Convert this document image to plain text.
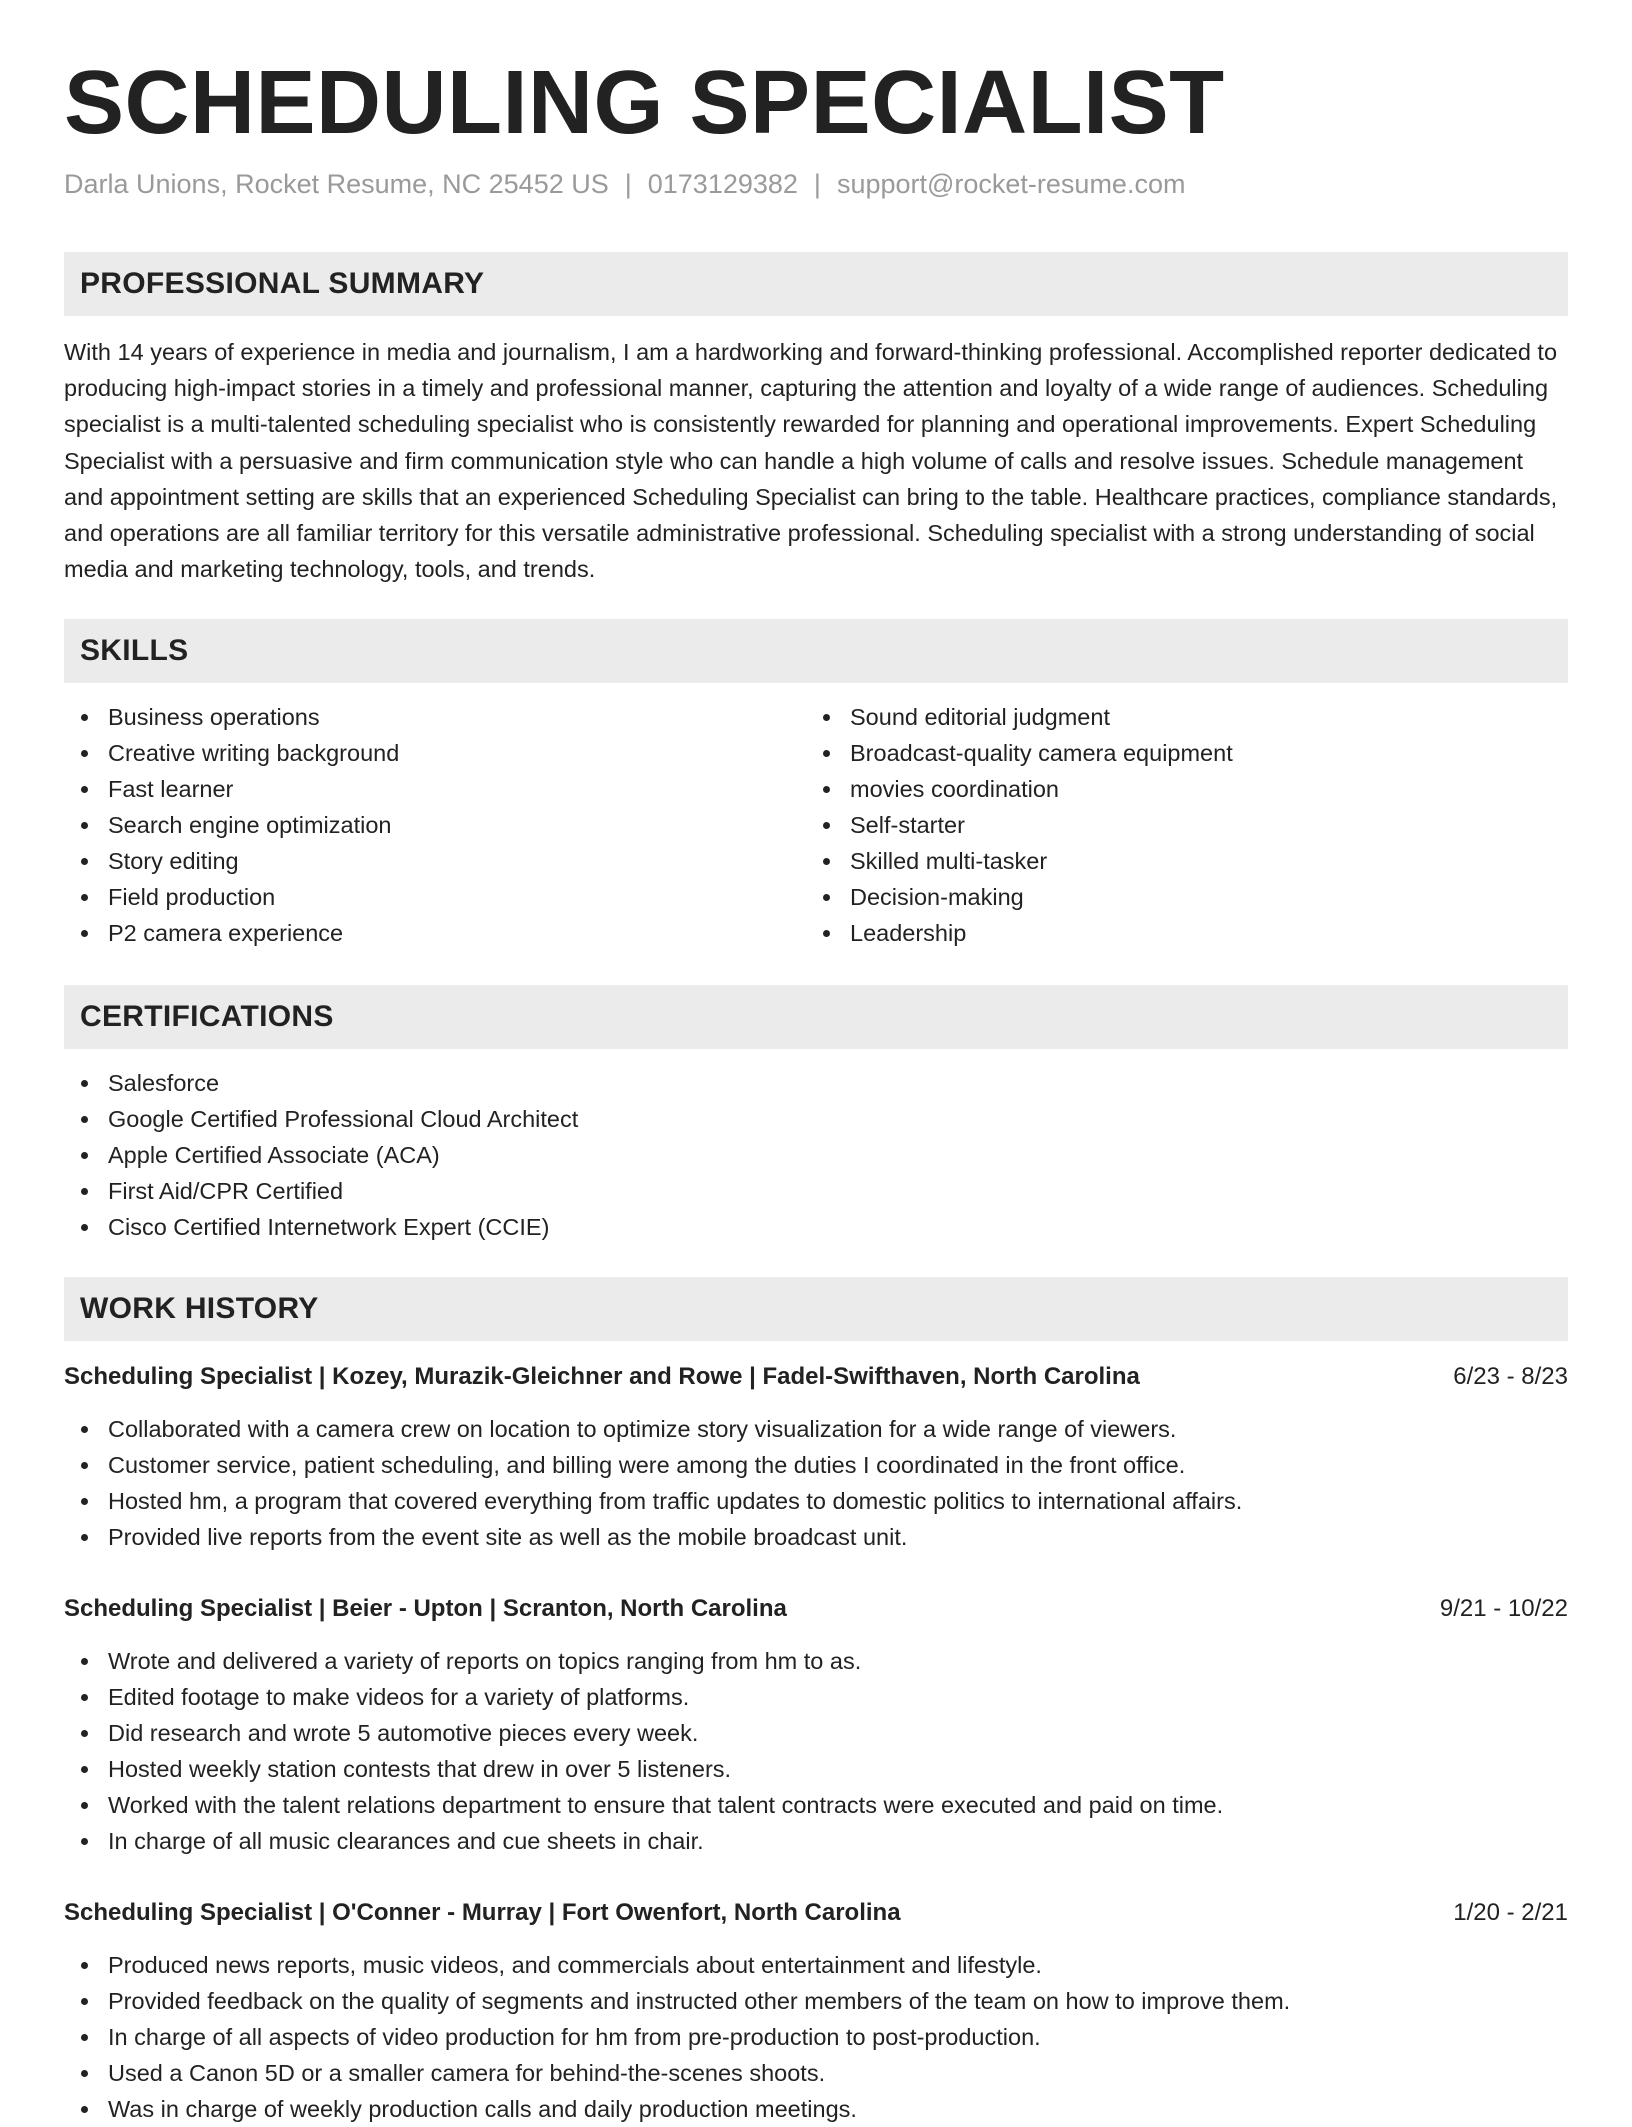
SCHEDULING SPECIALIST
Darla Unions, Rocket Resume, NC 25452 US | 0173129382 | support@rocket-resume.com
PROFESSIONAL SUMMARY

With 14 years of experience in media and journalism, I am a hardworking and forward-thinking professional. Accomplished reporter dedicated to producing high-impact stories in a timely and professional manner, capturing the attention and loyalty of a wide range of audiences. Scheduling specialist is a multi-talented scheduling specialist who is consistently rewarded for planning and operational improvements. Expert Scheduling Specialist with a persuasive and firm communication style who can handle a high volume of calls and resolve issues. Schedule management and appointment setting are skills that an experienced Scheduling Specialist can bring to the table. Healthcare practices, compliance standards, and operations are all familiar territory for this versatile administrative professional. Scheduling specialist with a strong understanding of social media and marketing technology, tools, and trends.

SKILLS
Business operations
Creative writing background
Fast learner
Search engine optimization
Story editing
Field production
P2 camera experience
Sound editorial judgment
Broadcast-quality camera equipment
movies coordination
Self-starter
Skilled multi-tasker
Decision-making
Leadership
CERTIFICATIONS
Salesforce
Google Certified Professional Cloud Architect
Apple Certified Associate (ACA)
First Aid/CPR Certified
Cisco Certified Internetwork Expert (CCIE)
WORK HISTORY
Scheduling Specialist | Kozey, Murazik-Gleichner and Rowe | Fadel-Swifthaven, North Carolina	6/23 - 8/23
Collaborated with a camera crew on location to optimize story visualization for a wide range of viewers.
Customer service, patient scheduling, and billing were among the duties I coordinated in the front office.
Hosted hm, a program that covered everything from traffic updates to domestic politics to international affairs.
Provided live reports from the event site as well as the mobile broadcast unit.
Scheduling Specialist | Beier - Upton | Scranton, North Carolina	9/21 - 10/22
Wrote and delivered a variety of reports on topics ranging from hm to as.
Edited footage to make videos for a variety of platforms.
Did research and wrote 5 automotive pieces every week.
Hosted weekly station contests that drew in over 5 listeners.
Worked with the talent relations department to ensure that talent contracts were executed and paid on time.
In charge of all music clearances and cue sheets in chair.
Scheduling Specialist | O'Conner - Murray | Fort Owenfort, North Carolina	1/20 - 2/21
Produced news reports, music videos, and commercials about entertainment and lifestyle.
Provided feedback on the quality of segments and instructed other members of the team on how to improve them.
In charge of all aspects of video production for hm from pre-production to post-production.
Used a Canon 5D or a smaller camera for behind-the-scenes shoots.
Was in charge of weekly production calls and daily production meetings.
